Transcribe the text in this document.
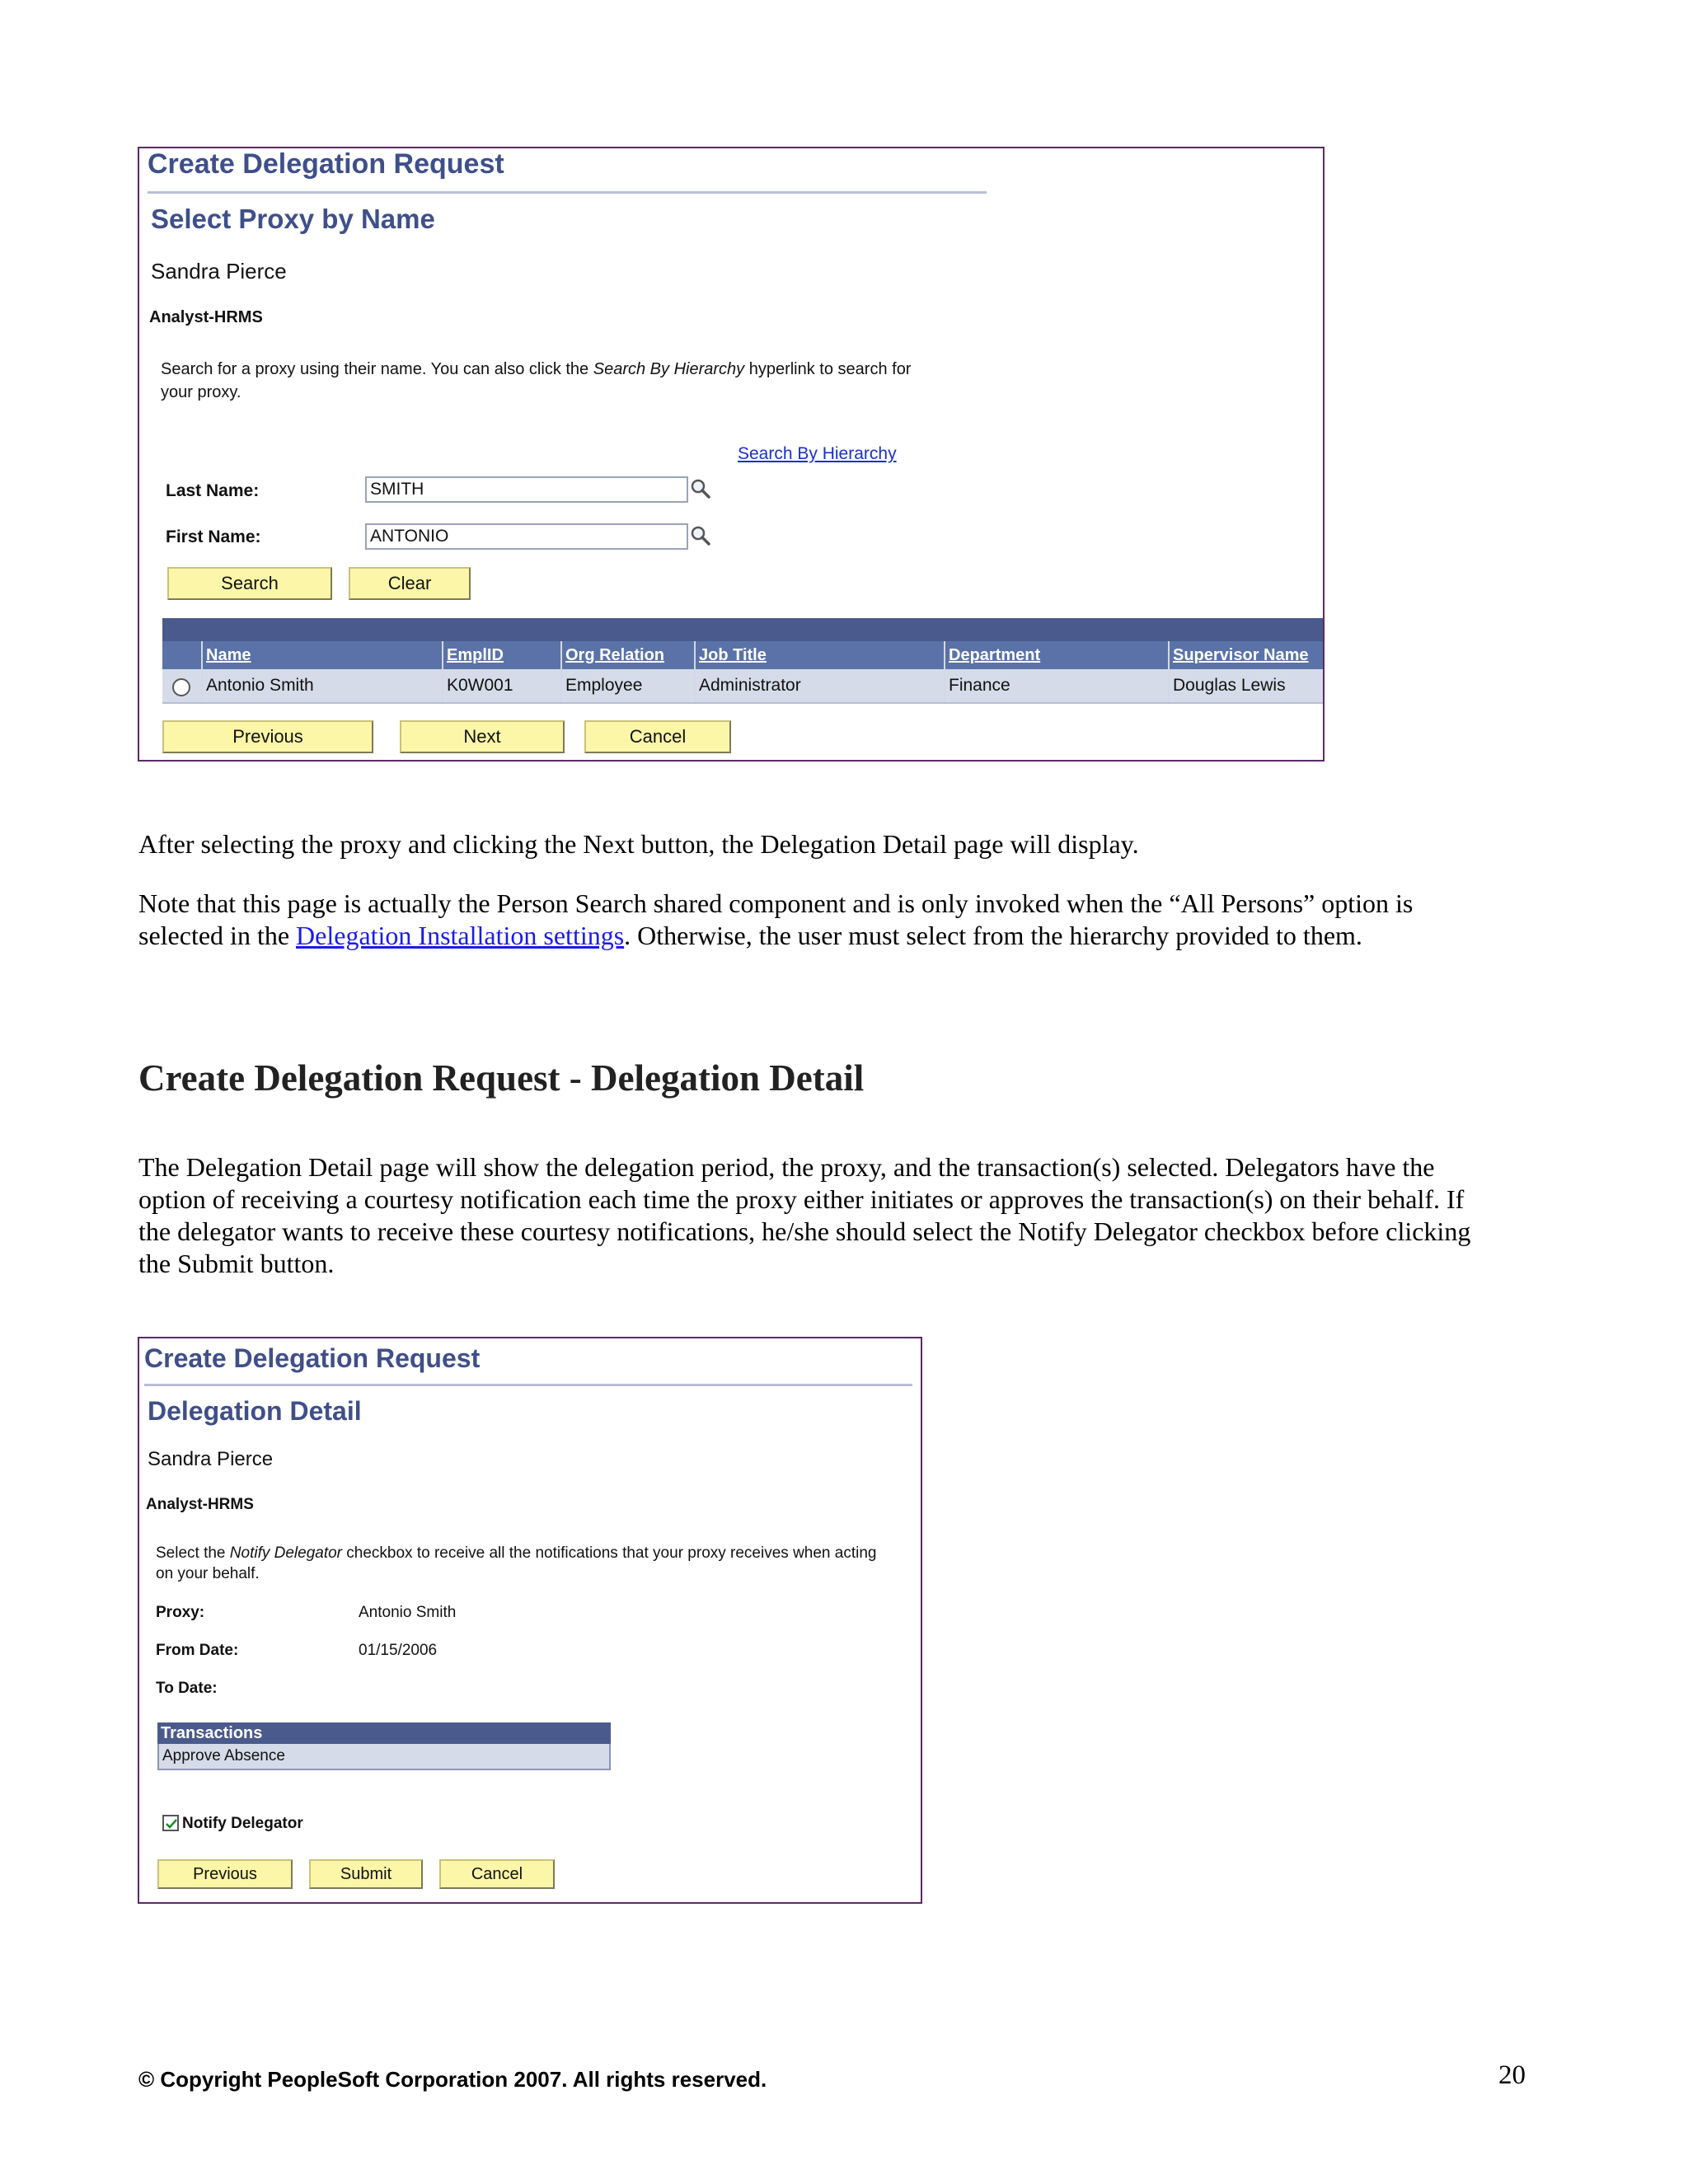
Create Delegation Request
Select Proxy by Name
Sandra Pierce
Analyst-HRMS
Search for a proxy using their name. You can also click the Search By Hierarchy hyperlink to search for
your proxy.
Search By Hierarchy
Last Name:	SMITH
First Name:	ANTONIO
Search	Clear
Name	EmplID	Org Relation	Job Title	Department	Supervisor Name
Antonio Smith	K0W001	Employee	Administrator	Finance	Douglas Lewis
Previous	Next	Cancel
After selecting the proxy and clicking the Next button, the Delegation Detail page will display.
Note that this page is actually the Person Search shared component and is only invoked when the “All Persons” option is
selected in the Delegation Installation settings. Otherwise, the user must select from the hierarchy provided to them.
Create Delegation Request - Delegation Detail
The Delegation Detail page will show the delegation period, the proxy, and the transaction(s) selected. Delegators have the
option of receiving a courtesy notification each time the proxy either initiates or approves the transaction(s) on their behalf. If
the delegator wants to receive these courtesy notifications, he/she should select the Notify Delegator checkbox before clicking
the Submit button.
Create Delegation Request
Delegation Detail
Sandra Pierce
Analyst-HRMS
Select the Notify Delegator checkbox to receive all the notifications that your proxy receives when acting
on your behalf.
Proxy:	Antonio Smith
From Date:	01/15/2006
To Date:
Transactions
Approve Absence
Notify Delegator
Previous	Submit	Cancel
© Copyright PeopleSoft Corporation 2007. All rights reserved.	20
